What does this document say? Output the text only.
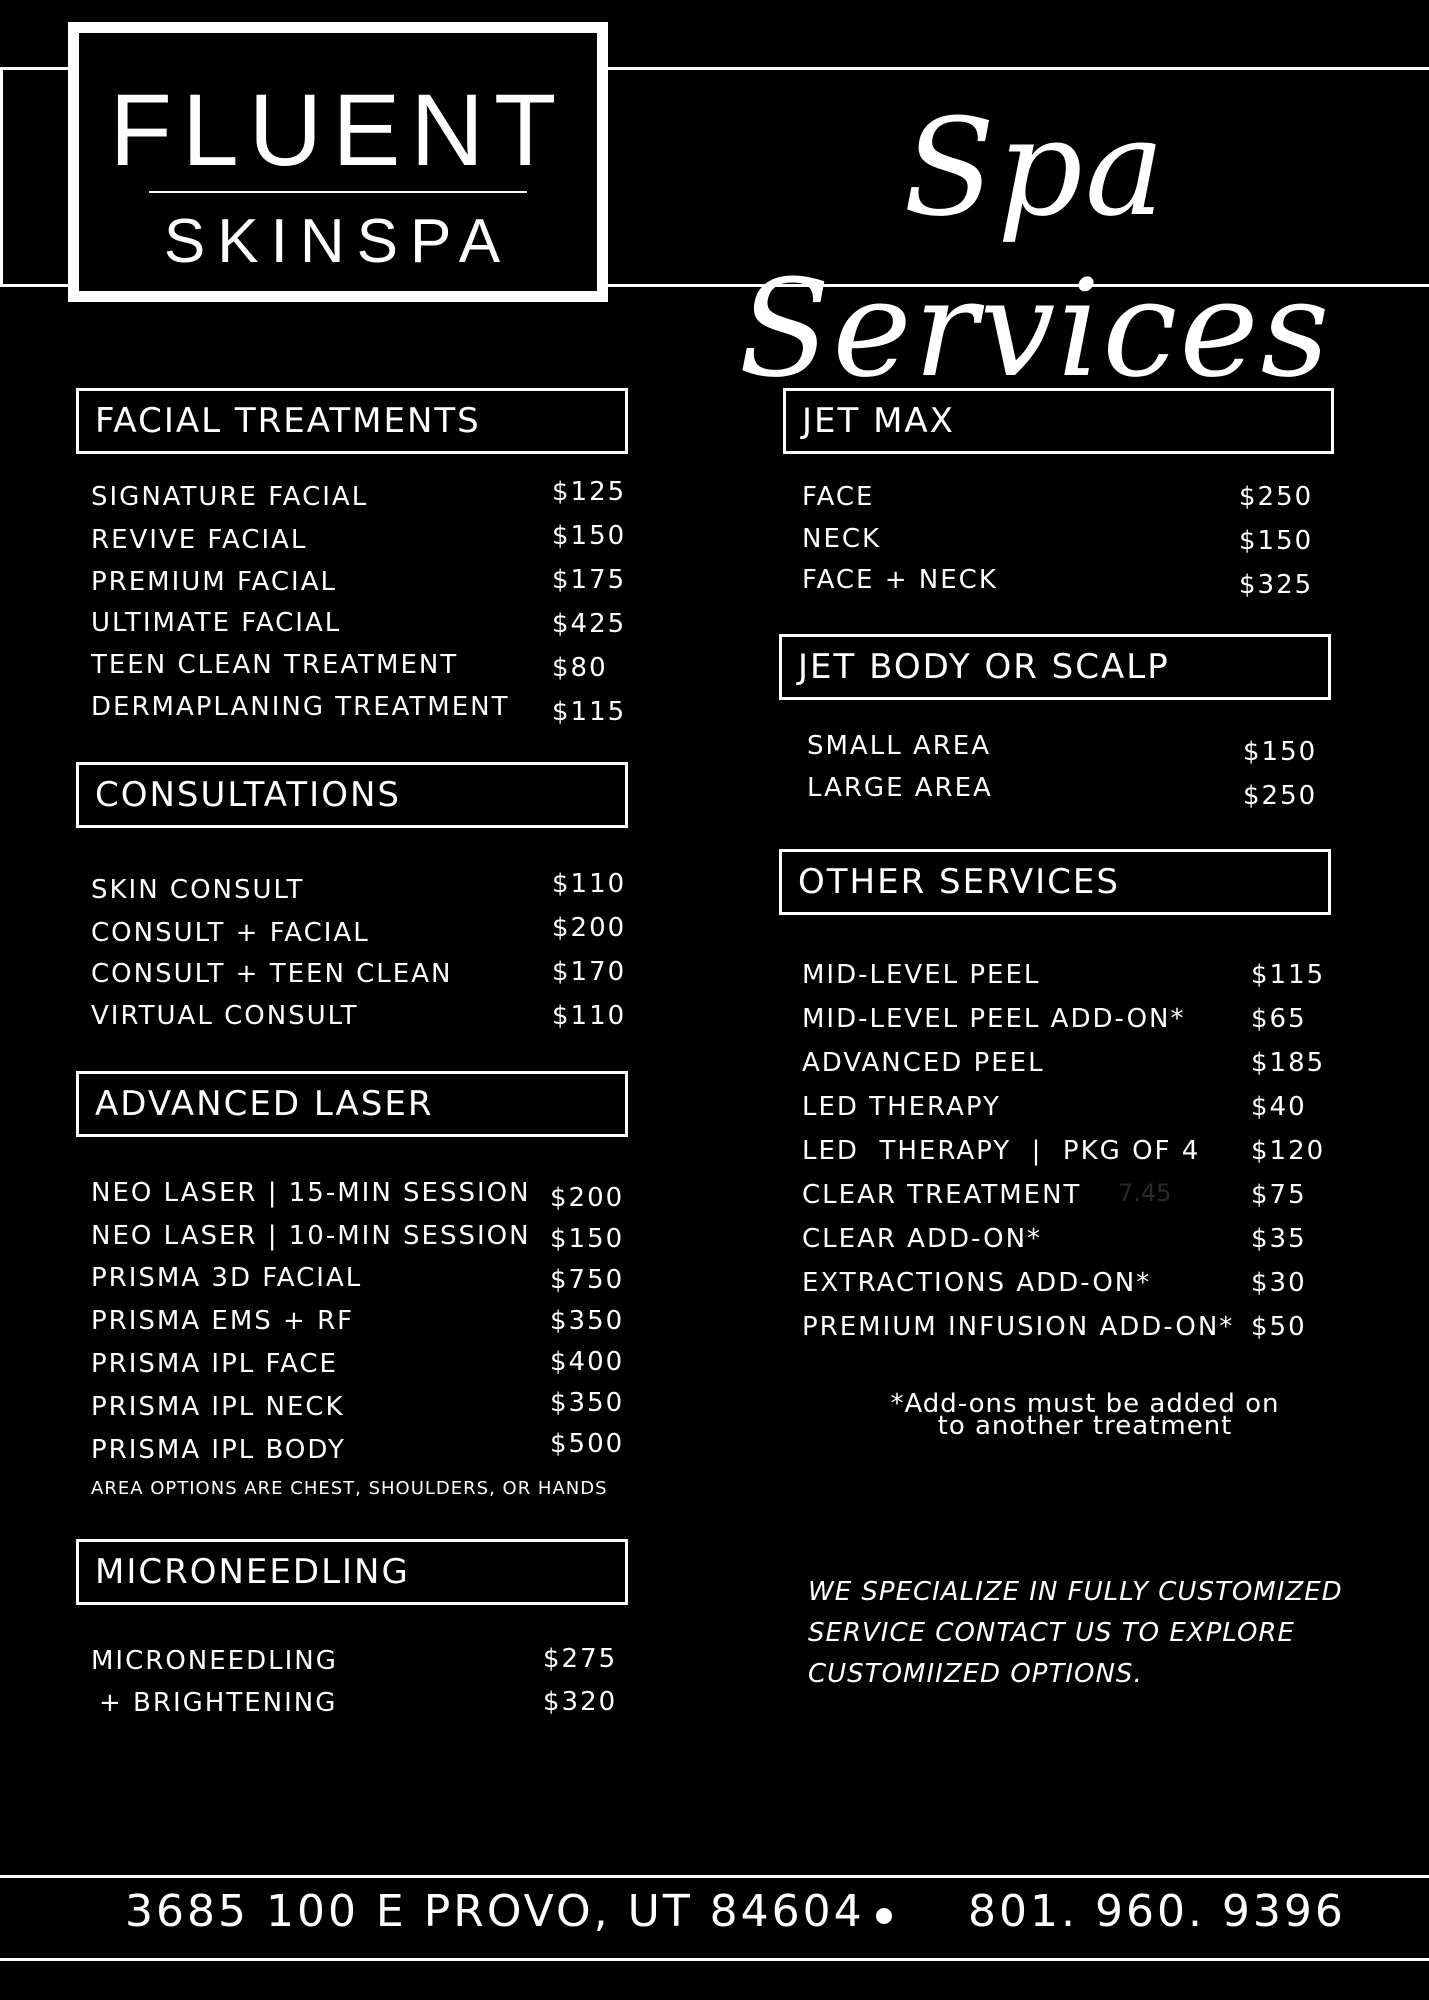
FLUENT
SKINSPA	Spa Services
FACIAL TREATMENTS
SIGNATURE FACIAL	$125
REVIVE FACIAL	$150
PREMIUM FACIAL	$175
ULTIMATE FACIAL	$425
TEEN CLEAN TREATMENT	$80
DERMAPLANING TREATMENT $115
CONSULTATIONS
SKIN CONSULT	$110
CONSULT + FACIAL	$200
CONSULT + TEEN CLEAN	$170
VIRTUAL CONSULT	$110
ADVANCED LASER
NEO LASER | 15-MIN SESSION $200
NEO LASER | 10-MIN SESSION $150
PRISMA 3D FACIAL	$750
PRISMA EMS + RF	$350
PRISMA IPL FACE	$400
PRISMA IPL NECK	$350
PRISMA IPL BODY	$500
AREA OPTIONS ARE CHEST, SHOULDERS, OR HANDS
MICRONEEDLING
MICRONEEDLING	$275
+ BRIGHTENING	$320
JET MAX
FACE	$250
NECK	$150
FACE + NECK	$325
JET BODY OR SCALP
SMALL AREA	$150
LARGE AREA	$250
OTHER SERVICES
MID-LEVEL PEEL	$115
MID-LEVEL PEEL ADD-ON*	$65
ADVANCED PEEL	$185
LED THERAPY	$40
LED  THERAPY  |  PKG OF 4 $120
CLEAR TREATMENT 7.45	$75
CLEAR ADD-ON*	$35
EXTRACTIONS ADD-ON*	$30
PREMIUM INFUSION ADD-ON* $50
*Add-ons must be added on
to another treatment
WE SPECIALIZE IN FULLY CUSTOMIZED
SERVICE CONTACT US TO EXPLORE
CUSTOMIIZED OPTIONS.
3685 100 E PROVO, UT 84604 801. 960. 9396
